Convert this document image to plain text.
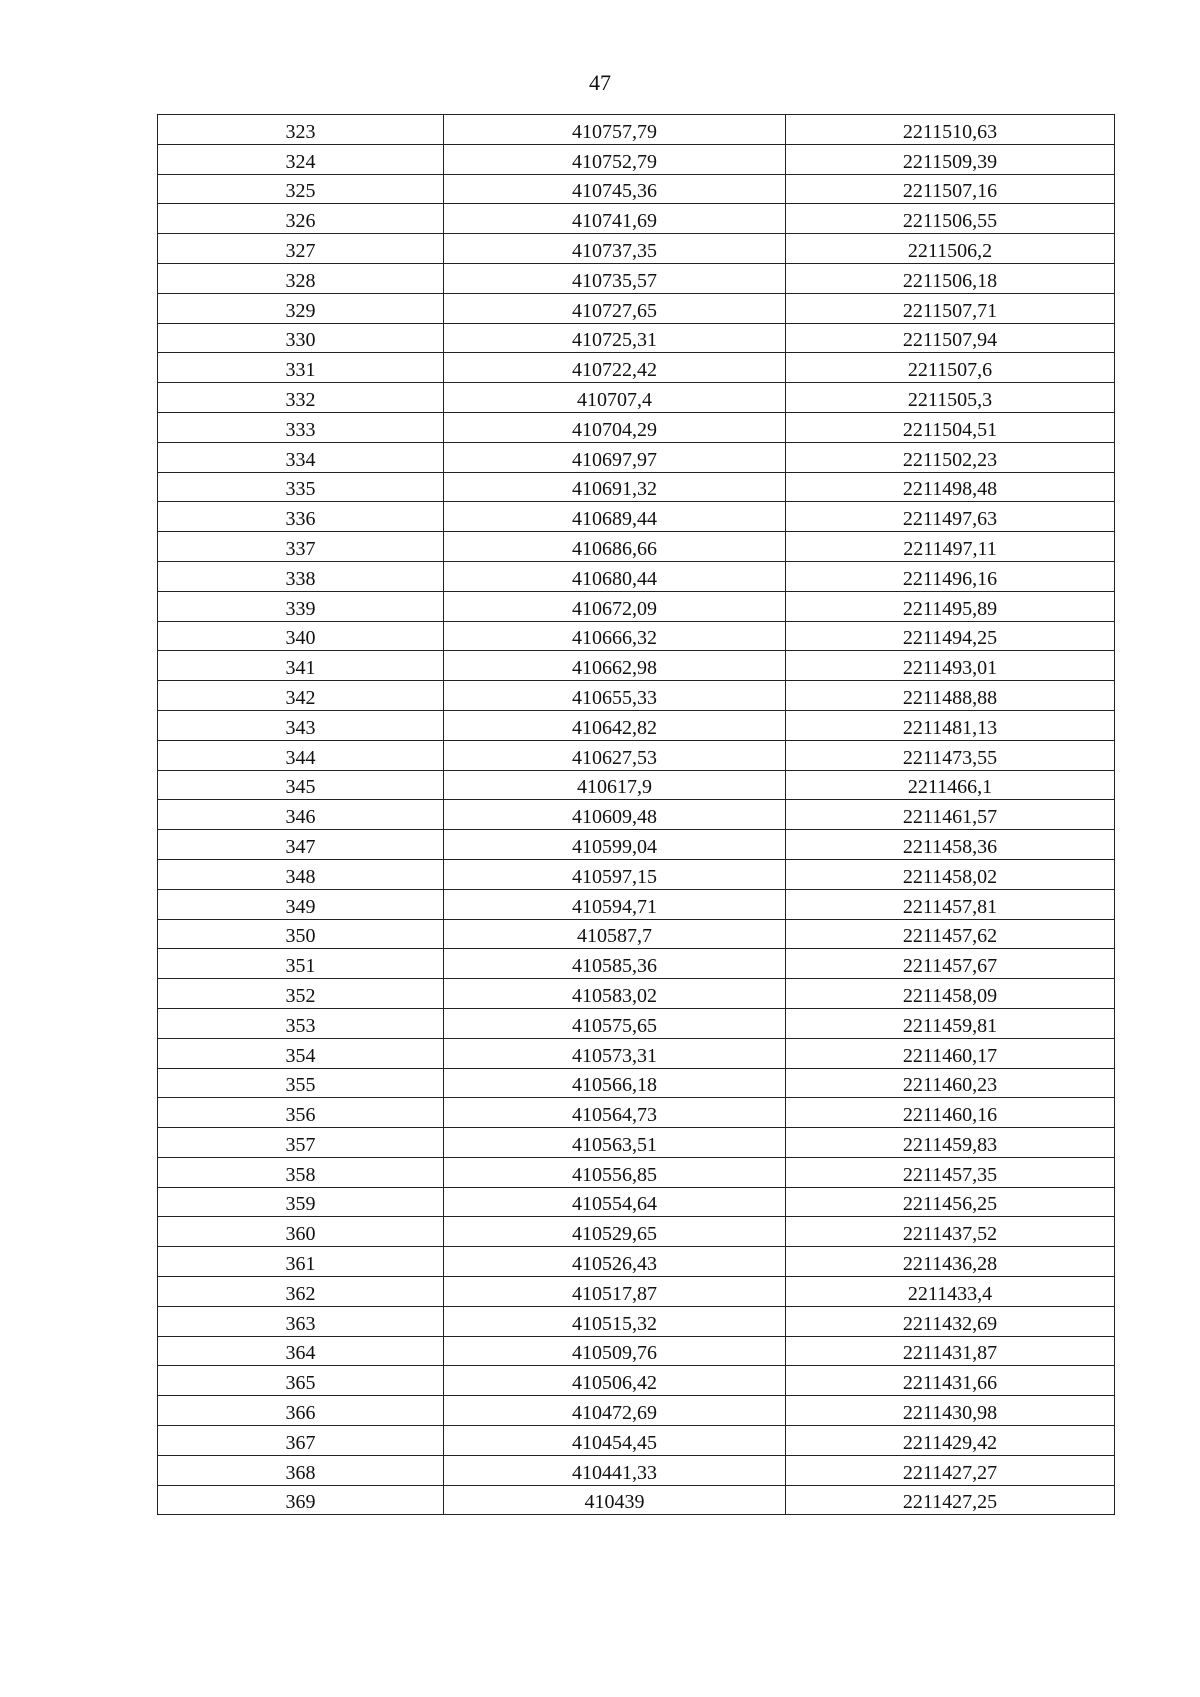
47
323	410757,79	2211510,63
324	410752,79	2211509,39
325	410745,36	2211507,16
326	410741,69	2211506,55
327	410737,35	2211506,2
328	410735,57	2211506,18
329	410727,65	2211507,71
330	410725,31	2211507,94
331	410722,42	2211507,6
332	410707,4	2211505,3
333	410704,29	2211504,51
334	410697,97	2211502,23
335	410691,32	2211498,48
336	410689,44	2211497,63
337	410686,66	2211497,11
338	410680,44	2211496,16
339	410672,09	2211495,89
340	410666,32	2211494,25
341	410662,98	2211493,01
342	410655,33	2211488,88
343	410642,82	2211481,13
344	410627,53	2211473,55
345	410617,9	2211466,1
346	410609,48	2211461,57
347	410599,04	2211458,36
348	410597,15	2211458,02
349	410594,71	2211457,81
350	410587,7	2211457,62
351	410585,36	2211457,67
352	410583,02	2211458,09
353	410575,65	2211459,81
354	410573,31	2211460,17
355	410566,18	2211460,23
356	410564,73	2211460,16
357	410563,51	2211459,83
358	410556,85	2211457,35
359	410554,64	2211456,25
360	410529,65	2211437,52
361	410526,43	2211436,28
362	410517,87	2211433,4
363	410515,32	2211432,69
364	410509,76	2211431,87
365	410506,42	2211431,66
366	410472,69	2211430,98
367	410454,45	2211429,42
368	410441,33	2211427,27
369	410439	2211427,25
